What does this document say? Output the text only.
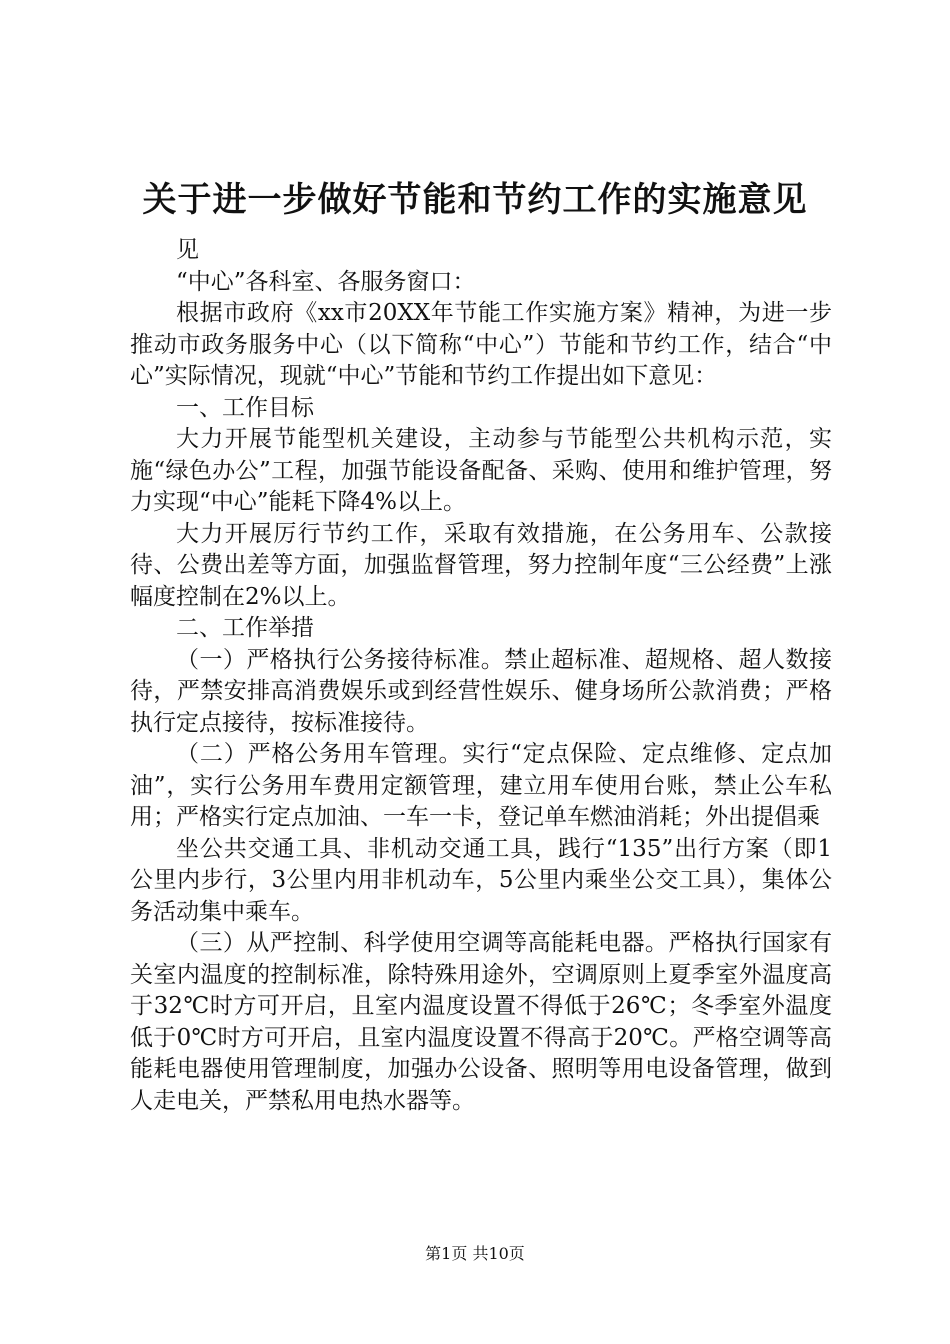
关于进一步做好节能和节约工作的实施意见

见

“中心”各科室、各服务窗口：

根据市政府《xx市20XX年节能工作实施方案》精神，为进一步推动市政务服务中心（以下简称“中心”）节能和节约工作，结合“中心”实际情况，现就“中心”节能和节约工作提出如下意见：

一、工作目标

大力开展节能型机关建设，主动参与节能型公共机构示范，实施“绿色办公”工程，加强节能设备配备、采购、使用和维护管理，努力实现“中心”能耗下降4%以上。

大力开展厉行节约工作，采取有效措施，在公务用车、公款接待、公费出差等方面，加强监督管理，努力控制年度“三公经费”上涨幅度控制在2%以上。

二、工作举措

（一）严格执行公务接待标准。禁止超标准、超规格、超人数接待，严禁安排高消费娱乐或到经营性娱乐、健身场所公款消费；严格执行定点接待，按标准接待。

（二）严格公务用车管理。实行“定点保险、定点维修、定点加油”，实行公务用车费用定额管理，建立用车使用台账，禁止公车私用；严格实行定点加油、一车一卡，登记单车燃油消耗；外出提倡乘

坐公共交通工具、非机动交通工具，践行“135”出行方案（即1公里内步行，3公里内用非机动车，5公里内乘坐公交工具），集体公务活动集中乘车。

（三）从严控制、科学使用空调等高能耗电器。严格执行国家有关室内温度的控制标准，除特殊用途外，空调原则上夏季室外温度高于32℃时方可开启，且室内温度设置不得低于26℃；冬季室外温度低于0℃时方可开启，且室内温度设置不得高于20℃。严格空调等高能耗电器使用管理制度，加强办公设备、照明等用电设备管理，做到人走电关，严禁私用电热水器等。

第1页 共10页
